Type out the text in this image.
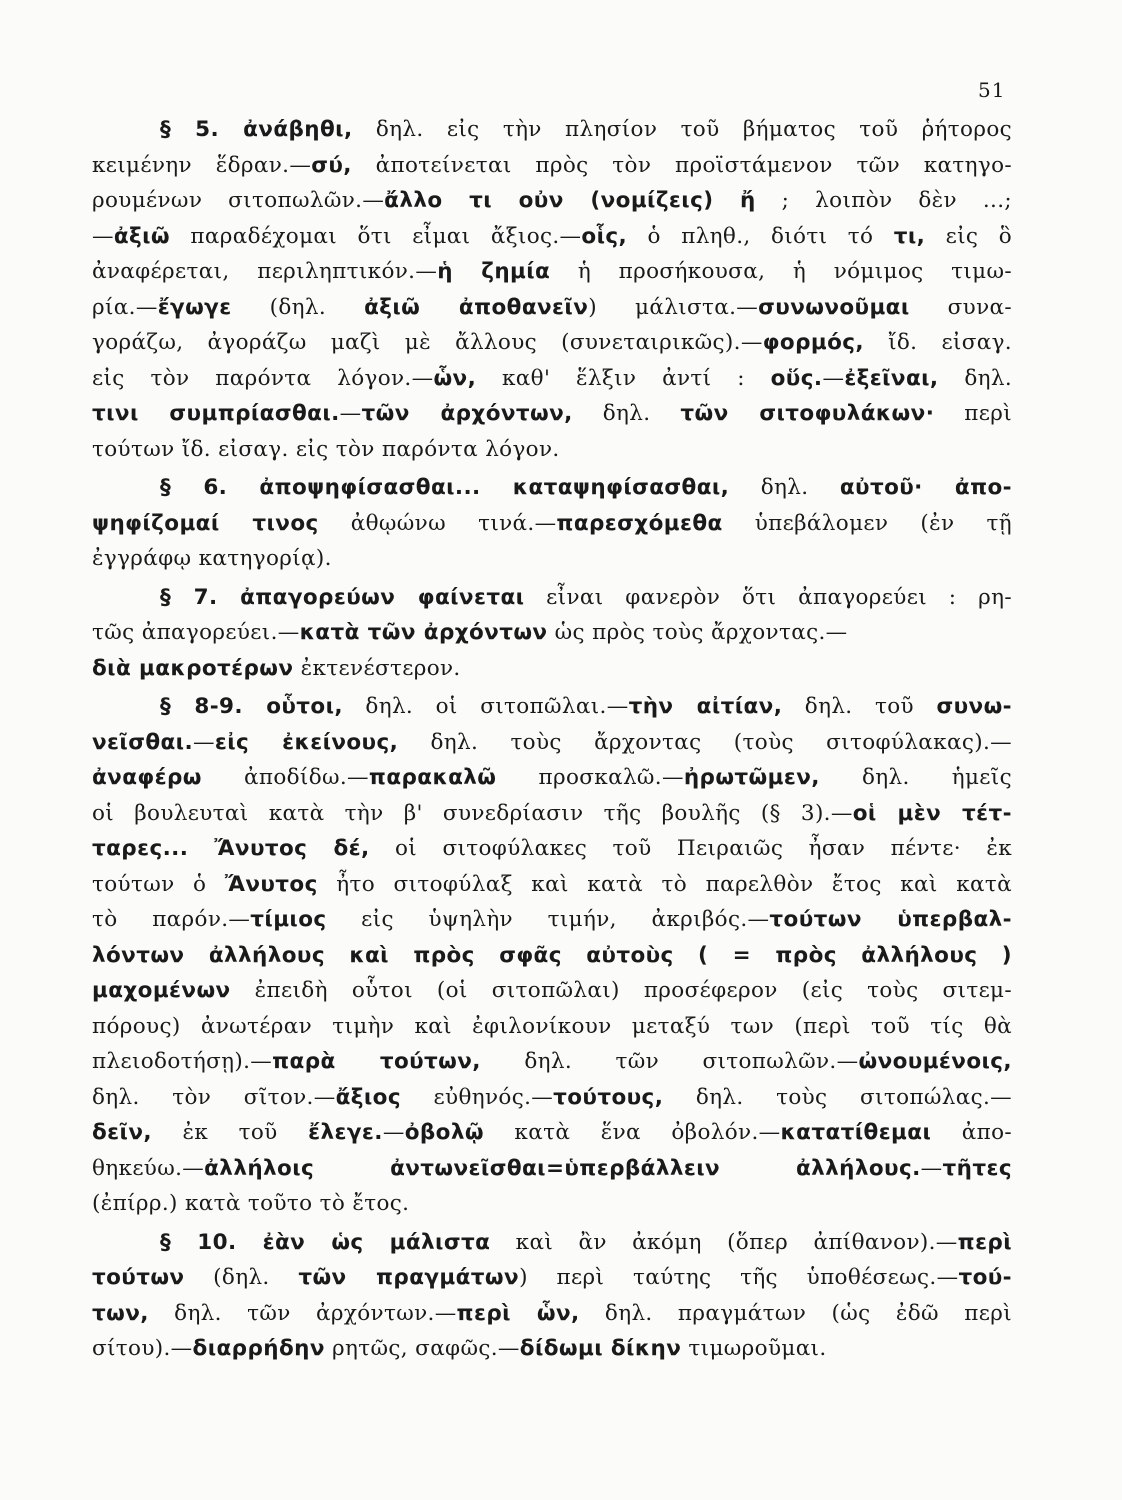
51
§ 5. ἀνάβηθι, δηλ. εἰς τὴν πλησίον τοῦ βήματος τοῦ ῥήτορος
κειμένην ἕδραν.—σύ, ἀποτείνεται πρὸς τὸν προϊστάμενον τῶν κατηγο-
ρουμένων σιτοπωλῶν.—ἄλλο τι οὐν (νομίζεις) ἤ ; λοιπὸν δὲν ...;
—ἀξιῶ παραδέχομαι ὅτι εἶμαι ἄξιος.—οἷς, ὁ πληθ., διότι τό τι, εἰς ὃ
ἀναφέρεται, περιληπτικόν.—ἡ ζημία ἡ προσήκουσα, ἡ νόμιμος τιμω-
ρία.—ἔγωγε (δηλ. ἀξιῶ ἀποθανεῖν) μάλιστα.—συνωνοῦμαι συνα-
γοράζω, ἀγοράζω μαζὶ μὲ ἄλλους (συνεταιρικῶς).—φορμός, ἴδ. εἰσαγ.
εἰς τὸν παρόντα λόγον.—ὧν, καθ' ἕλξιν ἀντί : οὕς.—ἐξεῖναι, δηλ.
τινι συμπρίασθαι.—τῶν ἀρχόντων, δηλ. τῶν σιτοφυλάκων· περὶ
τούτων ἴδ. εἰσαγ. εἰς τὸν παρόντα λόγον.
§ 6. ἀποψηφίσασθαι... καταψηφίσασθαι, δηλ. αὐτοῦ· ἀπο-
ψηφίζομαί τινος ἀθῳώνω τινά.—παρεσχόμεθα ὑπεβάλομεν (ἐν τῇ
ἐγγράφῳ κατηγορίᾳ).
§ 7. ἀπαγορεύων φαίνεται εἶναι φανερὸν ὅτι ἀπαγορεύει : ρη-
τῶς ἀπαγορεύει.—κατὰ τῶν ἀρχόντων ὡς πρὸς τοὺς ἄρχοντας.—
διὰ μακροτέρων ἐκτενέστερον.
§ 8-9. οὗτοι, δηλ. οἱ σιτοπῶλαι.—τὴν αἰτίαν, δηλ. τοῦ συνω-
νεῖσθαι.—εἰς ἐκείνους, δηλ. τοὺς ἄρχοντας (τοὺς σιτοφύλακας).—
ἀναφέρω ἀποδίδω.—παρακαλῶ προσκαλῶ.—ἠρωτῶμεν, δηλ. ἡμεῖς
οἱ βουλευταὶ κατὰ τὴν β' συνεδρίασιν τῆς βουλῆς (§ 3).—οἱ μὲν τέτ-
ταρες... Ἄνυτος δέ, οἱ σιτοφύλακες τοῦ Πειραιῶς ἦσαν πέντε· ἐκ
τούτων ὁ Ἄνυτος ἦτο σιτοφύλαξ καὶ κατὰ τὸ παρελθὸν ἔτος καὶ κατὰ
τὸ παρόν.—τίμιος εἰς ὑψηλὴν τιμήν, ἀκριβός.—τούτων ὑπερβαλ-
λόντων ἀλλήλους καὶ πρὸς σφᾶς αὐτοὺς ( = πρὸς ἀλλήλους )
μαχομένων ἐπειδὴ οὗτοι (οἱ σιτοπῶλαι) προσέφερον (εἰς τοὺς σιτεμ-
πόρους) ἀνωτέραν τιμὴν καὶ ἐφιλονίκουν μεταξύ των (περὶ τοῦ τίς θὰ
πλειοδοτήσῃ).—παρὰ τούτων, δηλ. τῶν σιτοπωλῶν.—ὠνουμένοις,
δηλ. τὸν σῖτον.—ἄξιος εὐθηνός.—τούτους, δηλ. τοὺς σιτοπώλας.—
δεῖν, ἐκ τοῦ ἔλεγε.—ὀβολῷ κατὰ ἕνα ὀβολόν.—κατατίθεμαι ἀπο-
θηκεύω.—ἀλλήλοις ἀντωνεῖσθαι=ὑπερβάλλειν ἀλλήλους.—τῆτες
(ἐπίρρ.) κατὰ τοῦτο τὸ ἔτος.
§ 10. ἐὰν ὡς μάλιστα καὶ ἂν ἀκόμη (ὅπερ ἀπίθανον).—περὶ
τούτων (δηλ. τῶν πραγμάτων) περὶ ταύτης τῆς ὑποθέσεως.—τού-
των, δηλ. τῶν ἀρχόντων.—περὶ ὧν, δηλ. πραγμάτων (ὡς ἐδῶ περὶ
σίτου).—διαρρήδην ρητῶς, σαφῶς.—δίδωμι δίκην τιμωροῦμαι.
